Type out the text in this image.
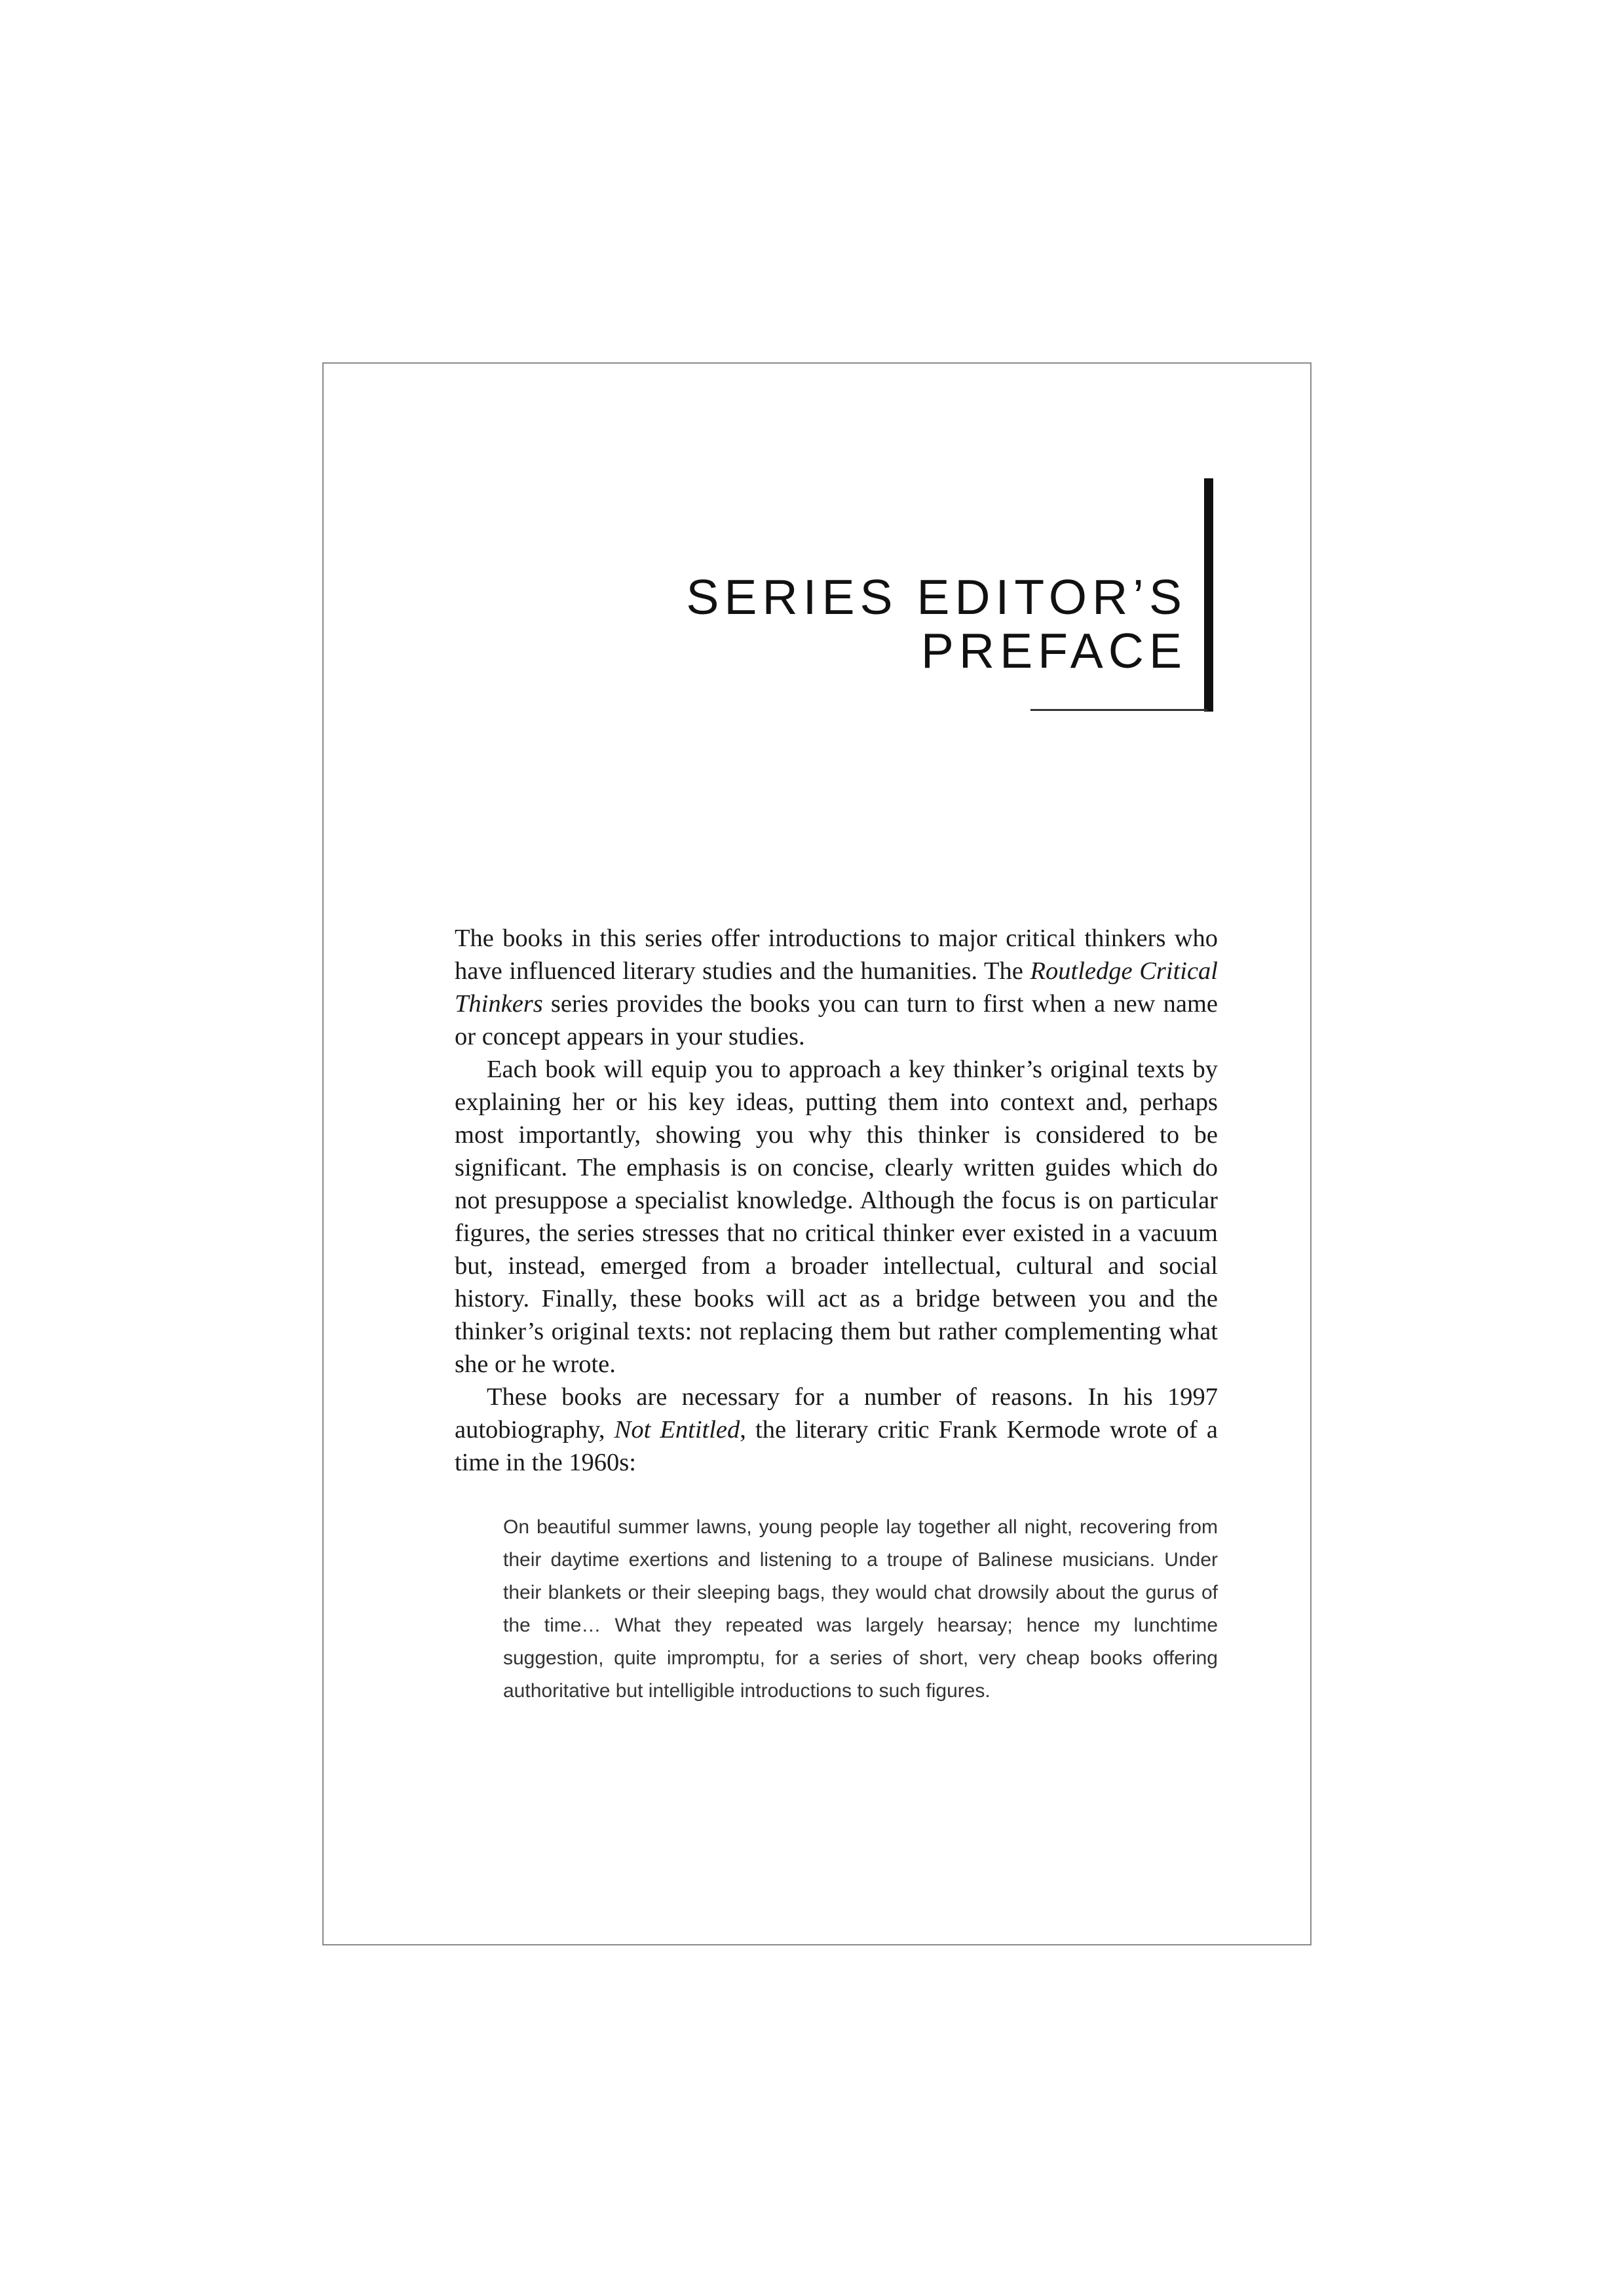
SERIES EDITOR’S
PREFACE

The books in this series offer introductions to major critical thinkers who have influenced literary studies and the humanities. The Routledge Critical Thinkers series provides the books you can turn to first when a new name or concept appears in your studies.

Each book will equip you to approach a key thinker’s original texts by explaining her or his key ideas, putting them into context and, perhaps most importantly, showing you why this thinker is considered to be significant. The emphasis is on concise, clearly written guides which do not presuppose a specialist knowledge. Although the focus is on particular figures, the series stresses that no critical thinker ever existed in a vacuum but, instead, emerged from a broader intellectual, cultural and social history. Finally, these books will act as a bridge between you and the thinker’s original texts: not replacing them but rather complementing what she or he wrote.

These books are necessary for a number of reasons. In his 1997 autobiography, Not Entitled, the literary critic Frank Kermode wrote of a time in the 1960s:

On beautiful summer lawns, young people lay together all night, recovering from their daytime exertions and listening to a troupe of Balinese musicians. Under their blankets or their sleeping bags, they would chat drowsily about the gurus of the time… What they repeated was largely hearsay; hence my lunchtime suggestion, quite impromptu, for a series of short, very cheap books offering authoritative but intelligible introductions to such figures.
